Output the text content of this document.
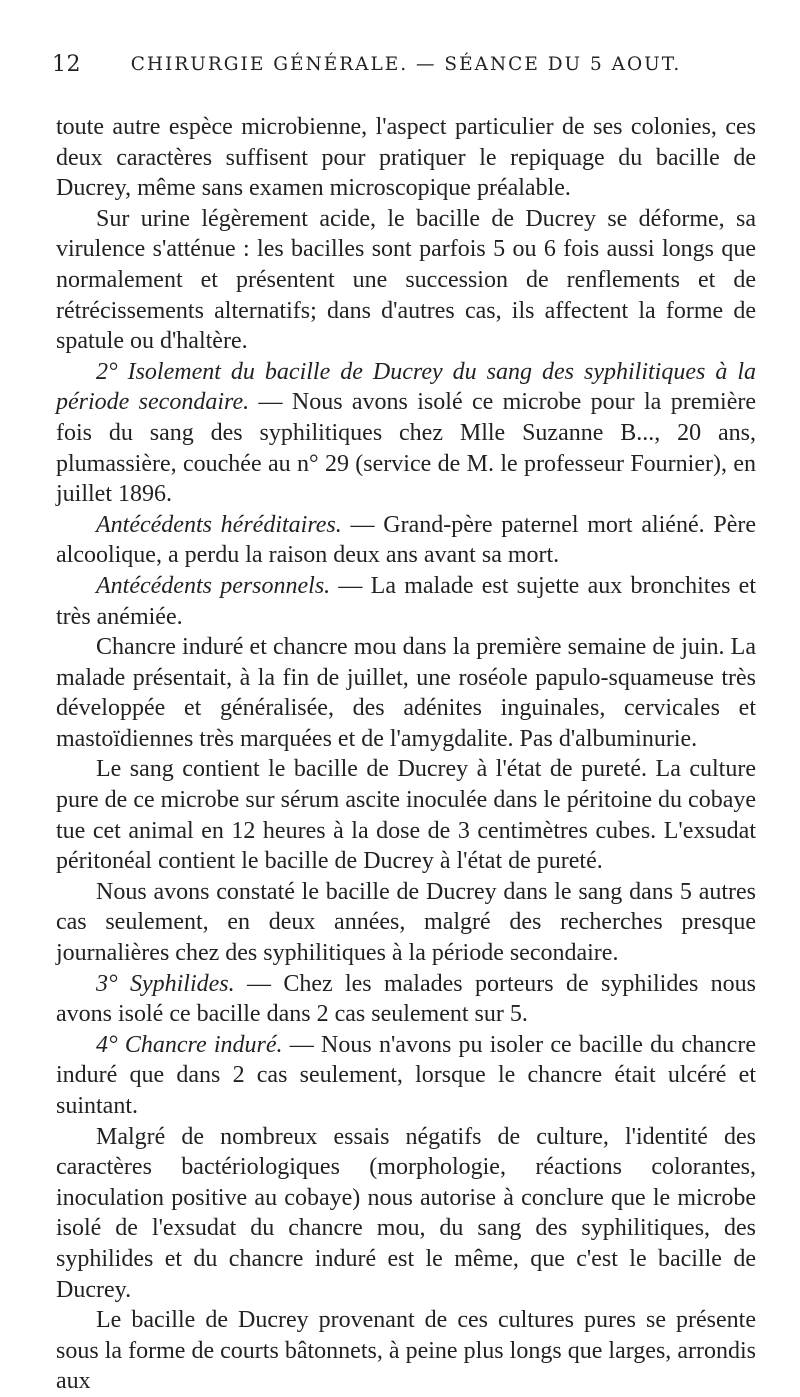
12	CHIRURGIE GÉNÉRALE. — SÉANCE DU 5 AOUT.

toute autre espèce microbienne, l'aspect particulier de ses colonies, ces deux caractères suffisent pour pratiquer le repiquage du bacille de Ducrey, même sans examen microscopique préalable.

Sur urine légèrement acide, le bacille de Ducrey se déforme, sa virulence s'atténue : les bacilles sont parfois 5 ou 6 fois aussi longs que normalement et présentent une succession de renflements et de rétrécissements alternatifs; dans d'autres cas, ils affectent la forme de spatule ou d'haltère.

2° Isolement du bacille de Ducrey du sang des syphilitiques à la période secondaire. — Nous avons isolé ce microbe pour la première fois du sang des syphilitiques chez Mlle Suzanne B..., 20 ans, plumassière, couchée au n° 29 (service de M. le professeur Fournier), en juillet 1896.

Antécédents héréditaires. — Grand-père paternel mort aliéné. Père alcoolique, a perdu la raison deux ans avant sa mort.

Antécédents personnels. — La malade est sujette aux bronchites et très anémiée.

Chancre induré et chancre mou dans la première semaine de juin. La malade présentait, à la fin de juillet, une roséole papulo-squameuse très développée et généralisée, des adénites inguinales, cervicales et mastoïdiennes très marquées et de l'amygdalite. Pas d'albuminurie.

Le sang contient le bacille de Ducrey à l'état de pureté. La culture pure de ce microbe sur sérum ascite inoculée dans le péritoine du cobaye tue cet animal en 12 heures à la dose de 3 centimètres cubes. L'exsudat péritonéal contient le bacille de Ducrey à l'état de pureté.

Nous avons constaté le bacille de Ducrey dans le sang dans 5 autres cas seulement, en deux années, malgré des recherches presque journalières chez des syphilitiques à la période secondaire.

3° Syphilides. — Chez les malades porteurs de syphilides nous avons isolé ce bacille dans 2 cas seulement sur 5.

4° Chancre induré. — Nous n'avons pu isoler ce bacille du chancre induré que dans 2 cas seulement, lorsque le chancre était ulcéré et suintant.

Malgré de nombreux essais négatifs de culture, l'identité des caractères bactériologiques (morphologie, réactions colorantes, inoculation positive au cobaye) nous autorise à conclure que le microbe isolé de l'exsudat du chancre mou, du sang des syphilitiques, des syphilides et du chancre induré est le même, que c'est le bacille de Ducrey.

Le bacille de Ducrey provenant de ces cultures pures se présente sous la forme de courts bâtonnets, à peine plus longs que larges, arrondis aux
